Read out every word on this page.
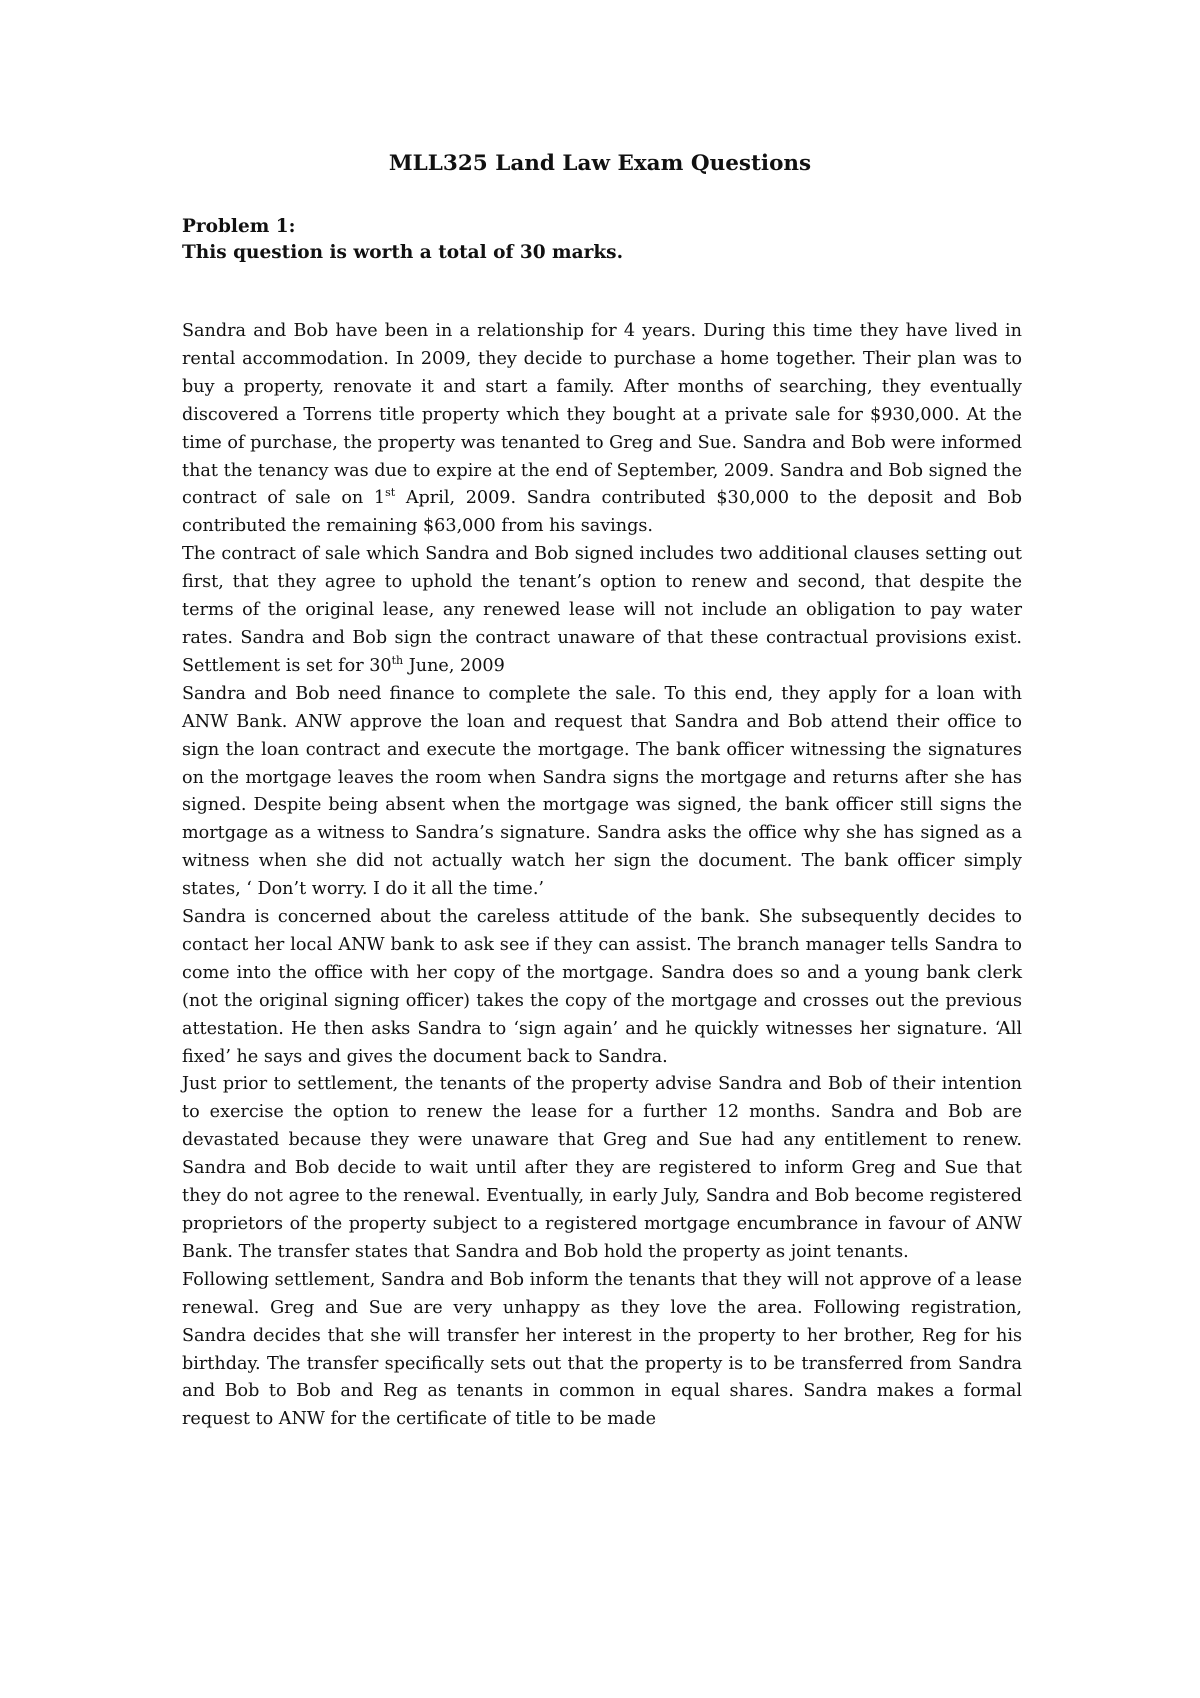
MLL325 Land Law Exam Questions
Problem 1:
This question is worth a total of 30 marks.

Sandra and Bob have been in a relationship for 4 years. During this time they have lived in rental accommodation. In 2009, they decide to purchase a home together. Their plan was to buy a property, renovate it and start a family. After months of searching, they eventually discovered a Torrens title property which they bought at a private sale for $930,000. At the time of purchase, the property was tenanted to Greg and Sue. Sandra and Bob were informed that the tenancy was due to expire at the end of September, 2009. Sandra and Bob signed the contract of sale on 1st April, 2009. Sandra contributed $30,000 to the deposit and Bob contributed the remaining $63,000 from his savings.

The contract of sale which Sandra and Bob signed includes two additional clauses setting out first, that they agree to uphold the tenant’s option to renew and second, that despite the terms of the original lease, any renewed lease will not include an obligation to pay water rates. Sandra and Bob sign the contract unaware of that these contractual provisions exist. Settlement is set for 30th June, 2009

Sandra and Bob need finance to complete the sale. To this end, they apply for a loan with ANW Bank. ANW approve the loan and request that Sandra and Bob attend their office to sign the loan contract and execute the mortgage. The bank officer witnessing the signatures on the mortgage leaves the room when Sandra signs the mortgage and returns after she has signed. Despite being absent when the mortgage was signed, the bank officer still signs the mortgage as a witness to Sandra’s signature. Sandra asks the office why she has signed as a witness when she did not actually watch her sign the document. The bank officer simply states, ‘ Don’t worry. I do it all the time.’

Sandra is concerned about the careless attitude of the bank. She subsequently decides to contact her local ANW bank to ask see if they can assist. The branch manager tells Sandra to come into the office with her copy of the mortgage. Sandra does so and a young bank clerk (not the original signing officer) takes the copy of the mortgage and crosses out the previous attestation. He then asks Sandra to ‘sign again’ and he quickly witnesses her signature. ‘All fixed’ he says and gives the document back to Sandra.

Just prior to settlement, the tenants of the property advise Sandra and Bob of their intention to exercise the option to renew the lease for a further 12 months. Sandra and Bob are devastated because they were unaware that Greg and Sue had any entitlement to renew. Sandra and Bob decide to wait until after they are registered to inform Greg and Sue that they do not agree to the renewal. Eventually, in early July, Sandra and Bob become registered proprietors of the property subject to a registered mortgage encumbrance in favour of ANW Bank. The transfer states that Sandra and Bob hold the property as joint tenants.

Following settlement, Sandra and Bob inform the tenants that they will not approve of a lease renewal. Greg and Sue are very unhappy as they love the area. Following registration, Sandra decides that she will transfer her interest in the property to her brother, Reg for his birthday. The transfer specifically sets out that the property is to be transferred from Sandra and Bob to Bob and Reg as tenants in common in equal shares. Sandra makes a formal request to ANW for the certificate of title to be made
